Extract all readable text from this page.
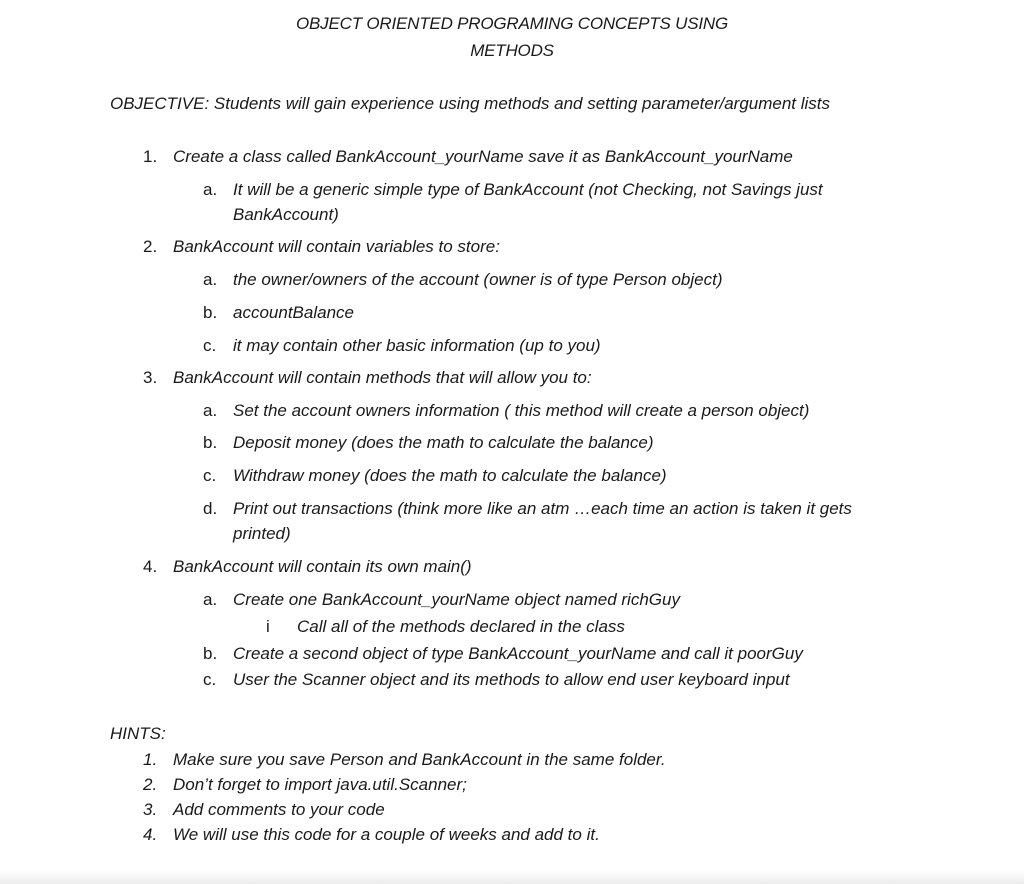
OBJECT ORIENTED PROGRAMING CONCEPTS USING
METHODS
OBJECTIVE: Students will gain experience using methods and setting parameter/argument lists
1. Create a class called BankAccount_yourName save it as BankAccount_yourName
a. It will be a generic simple type of BankAccount (not Checking, not Savings just
BankAccount)
2. BankAccount will contain variables to store:
a. the owner/owners of the account (owner is of type Person object)
b. accountBalance
c. it may contain other basic information (up to you)
3. BankAccount will contain methods that will allow you to:
a. Set the account owners information ( this method will create a person object)
b. Deposit money (does the math to calculate the balance)
c. Withdraw money (does the math to calculate the balance)
d. Print out transactions (think more like an atm …each time an action is taken it gets
printed)
4. BankAccount will contain its own main()
a. Create one BankAccount_yourName object named richGuy
i Call all of the methods declared in the class
b. Create a second object of type BankAccount_yourName and call it poorGuy
c. User the Scanner object and its methods to allow end user keyboard input
HINTS:
1. Make sure you save Person and BankAccount in the same folder.
2. Don’t forget to import java.util.Scanner;
3. Add comments to your code
4. We will use this code for a couple of weeks and add to it.
